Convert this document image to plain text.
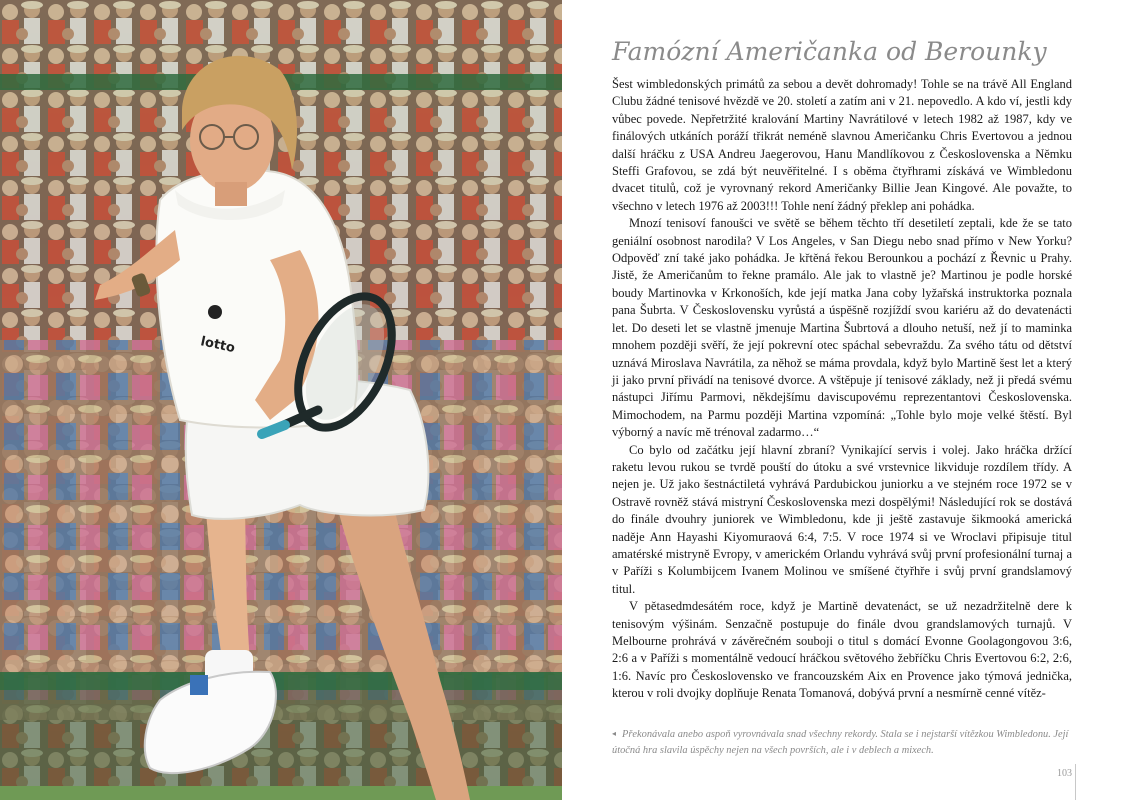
lotto
Famózní Američanka od Berounky

Šest wimbledonských primátů za sebou a devět dohromady! Tohle se na trávě All England Clubu žádné tenisové hvězdě ve 20. století a zatím ani v 21. nepovedlo. A kdo ví, jestli kdy vůbec povede. Nepřetržité kralování Martiny Navrátilové v letech 1982 až 1987, kdy ve finálových utkáních poráží třikrát neméně slavnou Američanku Chris Evertovou a jednou další hráčku z USA Andreu Jaegerovou, Hanu Mandlíkovou z Československa a Němku Steffi Grafovou, se zdá být neuvěřitelné. I s oběma čtyřhrami získává ve Wimbledonu dvacet titulů, což je vyrovnaný rekord Američanky Billie Jean Kingové. Ale považte, to všechno v letech 1976 až 2003!!! Tohle není žádný překlep ani pohádka.

Mnozí tenisoví fanoušci ve světě se během těchto tří desetiletí zeptali, kde že se tato geniální osobnost narodila? V Los Angeles, v San Diegu nebo snad přímo v New Yorku? Odpověď zní také jako pohádka. Je křtěná řekou Berounkou a pochází z Řevnic u Prahy. Jistě, že Američanům to řekne pramálo. Ale jak to vlastně je? Martinou je podle horské boudy Martinovka v Krkonoších, kde její matka Jana coby lyžařská instruktorka poznala pana Šubrta. V Československu vyrůstá a úspěšně rozjíždí svou kariéru až do devatenácti let. Do deseti let se vlastně jmenuje Martina Šubrtová a dlouho netuší, než jí to maminka mnohem později svěří, že její pokrevní otec spáchal sebevraždu. Za svého tátu od dětství uznává Miroslava Navrátila, za něhož se máma provdala, když bylo Martině šest let a který ji jako první přivádí na tenisové dvorce. A vštěpuje jí tenisové základy, než ji předá svému nástupci Jiřímu Parmovi, někdejšímu daviscupovému reprezentantovi Československa. Mimochodem, na Parmu později Martina vzpomíná: „Tohle bylo moje velké štěstí. Byl výborný a navíc mě trénoval zadarmo…“

Co bylo od začátku její hlavní zbraní? Vynikající servis i volej. Jako hráčka držící raketu levou rukou se tvrdě pouští do útoku a své vrstevnice likviduje rozdílem třídy. A nejen je. Už jako šestnáctiletá vyhrává Pardubickou juniorku a ve stejném roce 1972 se v Ostravě rovněž stává mistryní Československa mezi dospělými! Následující rok se dostává do finále dvouhry juniorek ve Wimbledonu, kde ji ještě zastavuje šikmooká americká naděje Ann Hayashi Kiyomuraová 6:4, 7:5. V roce 1974 si ve Wroclavi připisuje titul amatérské mistryně Evropy, v americkém Orlandu vyhrává svůj první profesionální turnaj a v Paříži s Kolumbijcem Ivanem Molinou ve smíšené čtyřhře i svůj první grandslamový titul.

V pětasedmdesátém roce, když je Martině devatenáct, se už nezadržitelně dere k tenisovým výšinám. Senzačně postupuje do finále dvou grandslamových turnajů. V Melbourne prohrává v závěrečném souboji o titul s domácí Evonne Goolagongovou 3:6, 2:6 a v Paříži s momentálně vedoucí hráčkou světového žebříčku Chris Evertovou 6:2, 2:6, 1:6. Navíc pro Československo ve francouzském Aix en Provence jako týmová jednička, kterou v roli dvojky doplňuje Renata Tomanová, dobývá první a nesmírně cenné vítěz-

◂ Překonávala anebo aspoň vyrovnávala snad všechny rekordy. Stala se i nejstarší vítězkou Wimbledonu. Její útočná hra slavila úspěchy nejen na všech površích, ale i v deblech a mixech.
103
